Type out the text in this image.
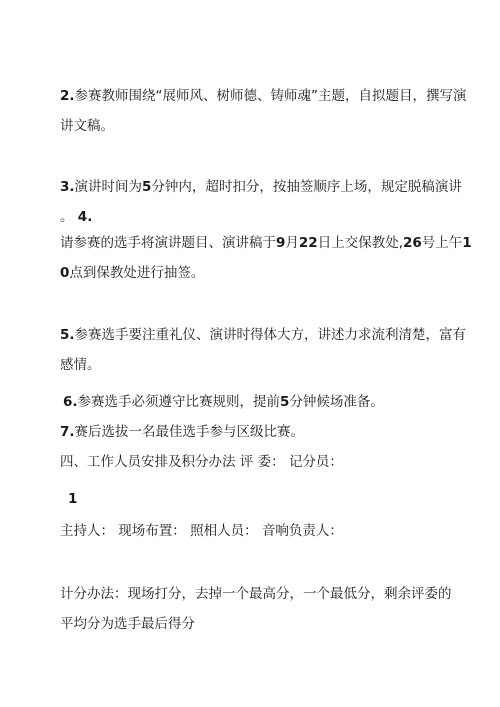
2.参赛教师围绕“展师风、树师德、铸师魂”主题，自拟题目，撰写演
讲文稿。
3.演讲时间为5分钟内，超时扣分，按抽签顺序上场，规定脱稿演讲
。 4.
请参赛的选手将演讲题目、演讲稿于9月22日上交保教处,26号上午1
0点到保教处进行抽签。
5.参赛选手要注重礼仪、演讲时得体大方，讲述力求流利清楚，富有
感情。
6.参赛选手必须遵守比赛规则，提前5分钟候场准备。
7.赛后选拔一名最佳选手参与区级比赛。
四、工作人员安排及积分办法 评 委： 记分员：
1
主持人： 现场布置： 照相人员： 音响负责人：
计分办法：现场打分，去掉一个最高分，一个最低分，剩余评委的
平均分为选手最后得分
